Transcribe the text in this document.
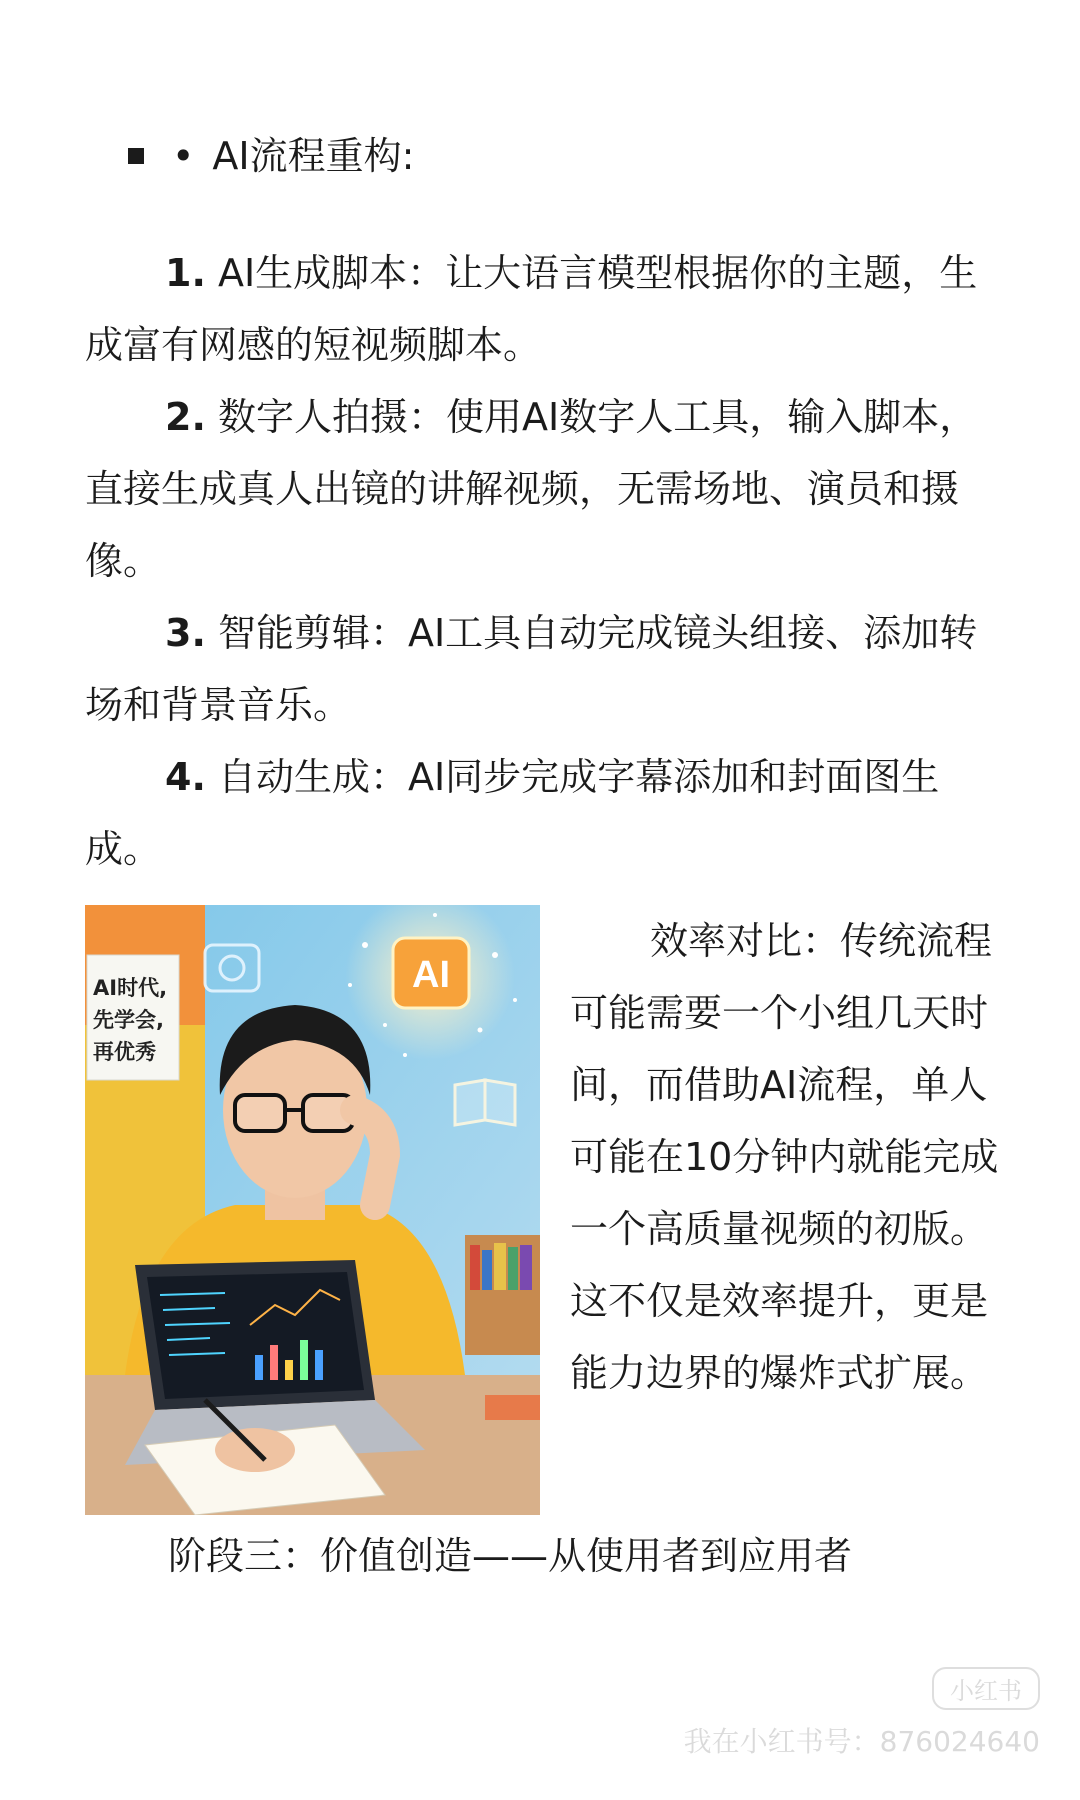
• AI流程重构:

1. AI生成脚本：让大语言模型根据你的主题，生成富有网感的短视频脚本。

2. 数字人拍摄：使用AI数字人工具，输入脚本，直接生成真人出镜的讲解视频，无需场地、演员和摄像。

3. 智能剪辑：AI工具自动完成镜头组接、添加转场和背景音乐。

4. 自动生成：AI同步完成字幕添加和封面图生成。

AI
AI时代,
先学会,
再优秀

效率对比：传统流程可能需要一个小组几天时间，而借助AI流程，单人可能在10分钟内就能完成一个高质量视频的初版。这不仅是效率提升，更是能力边界的爆炸式扩展。

阶段三：价值创造——从使用者到应用者

小红书
我在小红书号：876024640
